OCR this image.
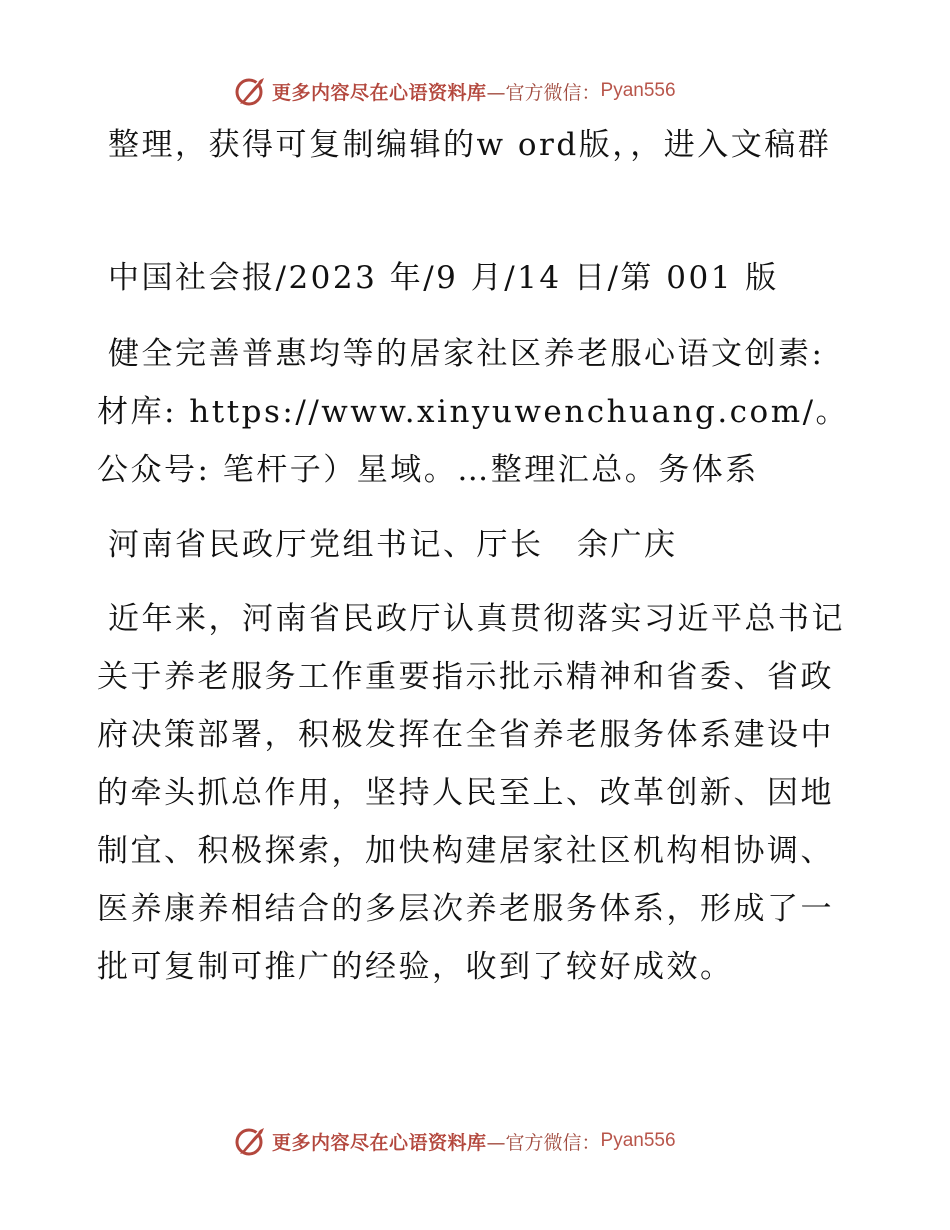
更多内容尽在心语资料库 —官方微信： Pyan556

整理，获得可复制编辑的w ord版，，进入文稿群

中国社会报/2023 年/9 月/14 日/第 001 版

健全完善普惠均等的居家社区养老服心语文创素:材库: https://www.xinyuwenchuang.com/。公众号: 笔杆子）星域。…整理汇总。务体系

河南省民政厅党组书记、厅长　余广庆

近年来，河南省民政厅认真贯彻落实习近平总书记关于养老服务工作重要指示批示精神和省委、省政府决策部署，积极发挥在全省养老服务体系建设中的牵头抓总作用，坚持人民至上、改革创新、因地制宜、积极探索，加快构建居家社区机构相协调、医养康养相结合的多层次养老服务体系，形成了一批可复制可推广的经验，收到了较好成效。

更多内容尽在心语资料库 —官方微信： Pyan556
